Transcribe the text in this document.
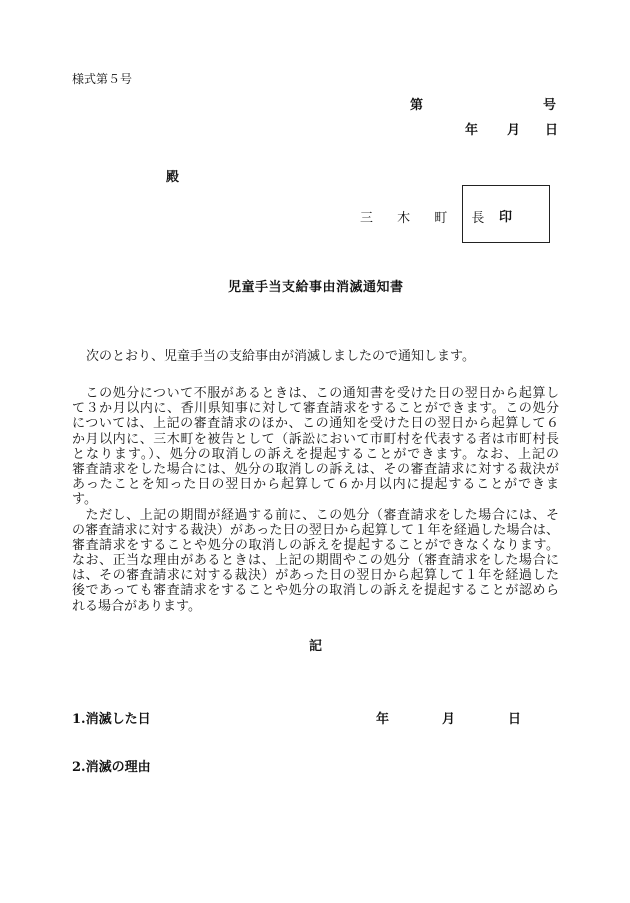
様式第５号
第	号
年 月 日
殿
三 木 町 長 印
児童手当支給事由消滅通知書
次のとおり、児童手当の支給事由が消滅しましたので通知します。
　この処分について不服があるときは、この通知書を受けた日の翌日から起算し
て３か月以内に、香川県知事に対して審査請求をすることができます。この処分
については、上記の審査請求のほか、この通知を受けた日の翌日から起算して６
か月以内に、三木町を被告として（訴訟において市町村を代表する者は市町村長
となります。）、処分の取消しの訴えを提起することができます。なお、上記の
審査請求をした場合には、処分の取消しの訴えは、その審査請求に対する裁決が
あったことを知った日の翌日から起算して６か月以内に提起することができま
す。
　ただし、上記の期間が経過する前に、この処分（審査請求をした場合には、そ
の審査請求に対する裁決）があった日の翌日から起算して１年を経過した場合は、
審査請求をすることや処分の取消しの訴えを提起することができなくなります。
なお、正当な理由があるときは、上記の期間やこの処分（審査請求をした場合に
は、その審査請求に対する裁決）があった日の翌日から起算して１年を経過した
後であっても審査請求をすることや処分の取消しの訴えを提起することが認めら
れる場合があります。
記
1.消滅した日	年	月	日
2.消滅の理由
